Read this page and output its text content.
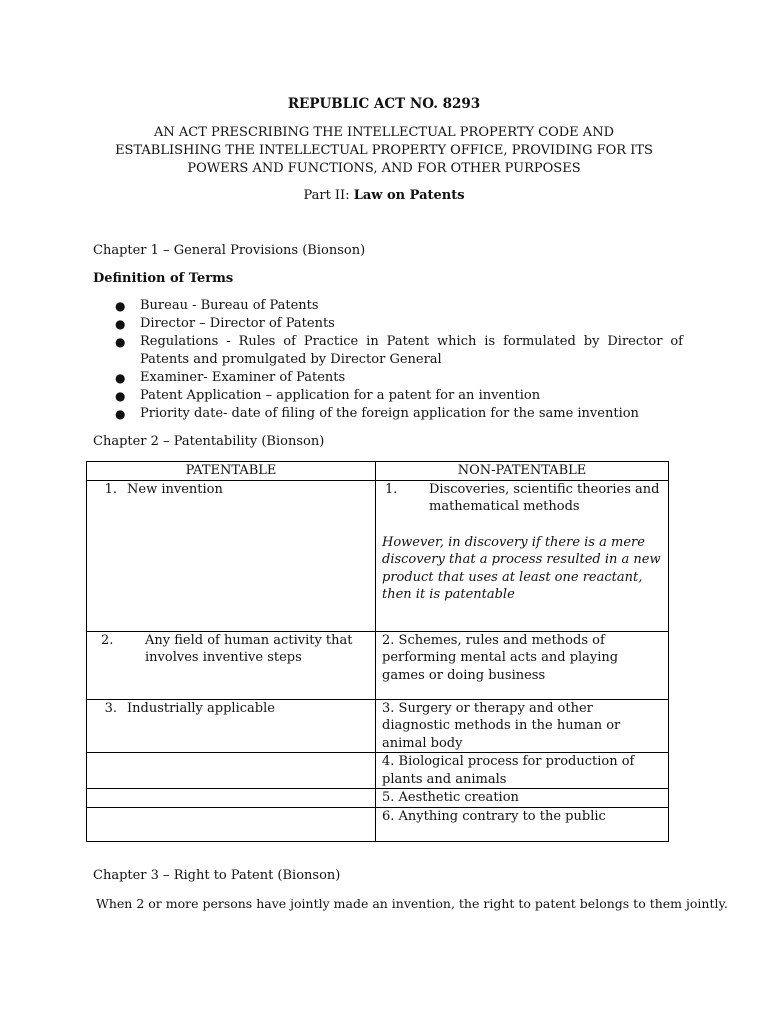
REPUBLIC ACT NO. 8293
AN ACT PRESCRIBING THE INTELLECTUAL PROPERTY CODE AND
ESTABLISHING THE INTELLECTUAL PROPERTY OFFICE, PROVIDING FOR ITS
POWERS AND FUNCTIONS, AND FOR OTHER PURPOSES
Part II: Law on Patents
Chapter 1 – General Provisions (Bionson)
Definition of Terms
● Bureau - Bureau of Patents
● Director – Director of Patents
● Regulations - Rules of Practice in Patent which is formulated by Director of Patents and promulgated by Director General
● Examiner- Examiner of Patents
● Patent Application – application for a patent for an invention
● Priority date- date of filing of the foreign application for the same invention
Chapter 2 – Patentability (Bionson)
PATENTABLE	NON-PATENTABLE
1. New invention	1. Discoveries, scientific theories and mathematical methods
However, in discovery if there is a mere discovery that a process resulted in a new product that uses at least one reactant, then it is patentable

2. Any field of human activity that involves inventive steps	2. Schemes, rules and methods of performing mental acts and playing games or doing business
3. Industrially applicable	3. Surgery or therapy and other diagnostic methods in the human or animal body
	4. Biological process for production of plants and animals
	5. Aesthetic creation
	6. Anything contrary to the public
Chapter 3 – Right to Patent (Bionson)
When 2 or more persons have jointly made an invention, the right to patent belongs to them jointly.
